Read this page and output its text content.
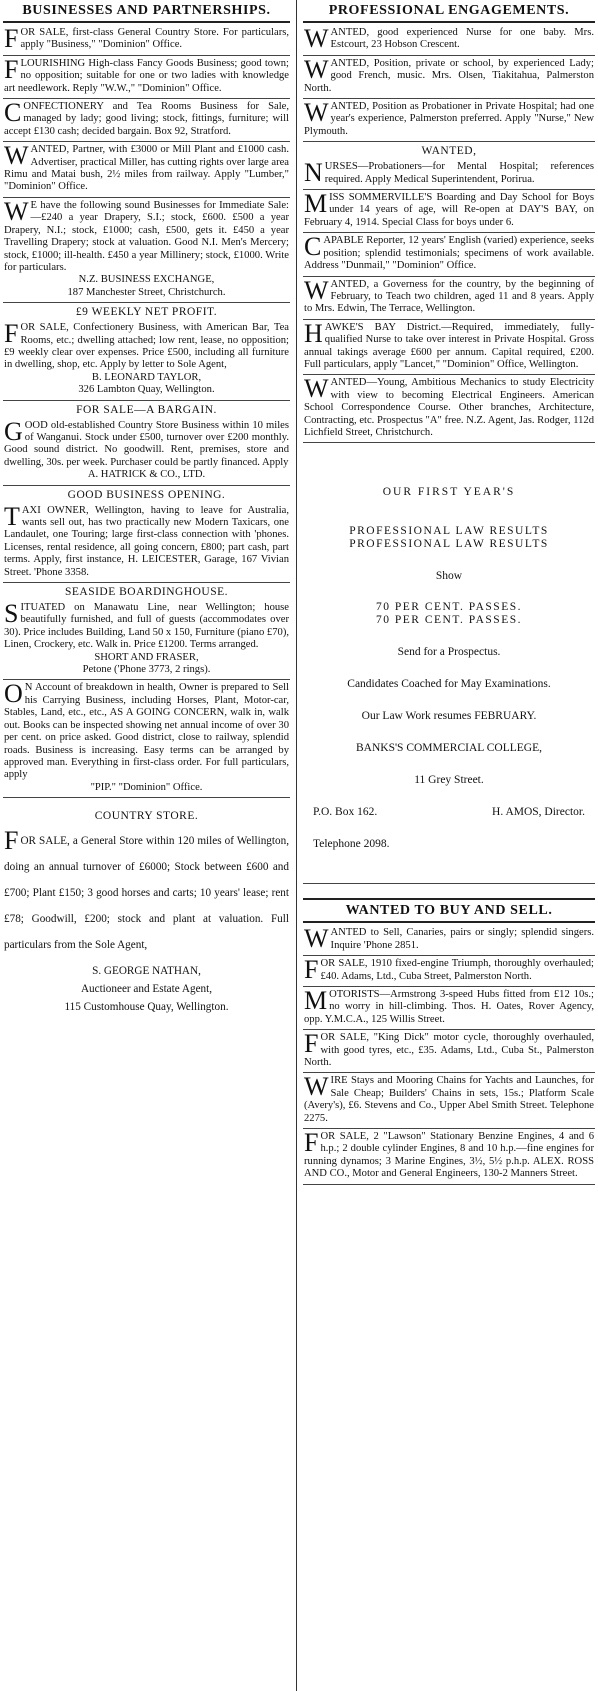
BUSINESSES AND PARTNERSHIPS.
FOR SALE, first-class General Country Store. For particulars, apply "Business," "Dominion" Office.
FLOURISHING High-class Fancy Goods Business; good town; no opposition; suitable for one or two ladies with knowledge art needlework. Reply "W.W.," "Dominion" Office.
CONFECTIONERY and Tea Rooms Business for Sale, managed by lady; good living; stock, fittings, furniture; will accept £130 cash; decided bargain. Box 92, Stratford.
WANTED, Partner, with £3000 or Mill Plant and £1000 cash. Advertiser, practical Miller, has cutting rights over large area Rimu and Matai bush, 2½ miles from railway. Apply "Lumber," "Dominion" Office.
WE have the following sound Businesses for Immediate Sale:—£240 a year Drapery, S.I.; stock, £600. £500 a year Drapery, N.I.; stock, £1000; cash, £500, gets it. £450 a year Travelling Drapery; stock at valuation. Good N.I. Men's Mercery; stock, £1000; ill-health. £450 a year Millinery; stock, £1000. Write for particulars.
N.Z. BUSINESS EXCHANGE,
187 Manchester Street, Christchurch.
£9 WEEKLY NET PROFIT.
FOR SALE, Confectionery Business, with American Bar, Tea Rooms, etc.; dwelling attached; low rent, lease, no opposition; £9 weekly clear over expenses. Price £500, including all furniture in dwelling, shop, etc. Apply by letter to Sole Agent,
B. LEONARD TAYLOR,
326 Lambton Quay, Wellington.
FOR SALE—A BARGAIN.
GOOD old-established Country Store Business within 10 miles of Wanganui. Stock under £500, turnover over £200 monthly. Good sound district. No goodwill. Rent, premises, store and dwelling, 30s. per week. Purchaser could be partly financed. Apply
A. HATRICK & CO., LTD.
GOOD BUSINESS OPENING.
TAXI OWNER, Wellington, having to leave for Australia, wants sell out, has two practically new Modern Taxicars, one Landaulet, one Touring; large first-class connection with 'phones. Licenses, rental residence, all going concern, £800; part cash, part terms. Apply, first instance, H. LEICESTER, Garage, 167 Vivian Street. 'Phone 3358.
SEASIDE BOARDINGHOUSE.
SITUATED on Manawatu Line, near Wellington; house beautifully furnished, and full of guests (accommodates over 30). Price includes Building, Land 50 x 150, Furniture (piano £70), Linen, Crockery, etc. Walk in. Price £1200. Terms arranged.
SHORT AND FRASER,
Petone ('Phone 3773, 2 rings).
ON Account of breakdown in health, Owner is prepared to Sell his Carrying Business, including Horses, Plant, Motor-car, Stables, Land, etc., etc., AS A GOING CONCERN, walk in, walk out. Books can be inspected showing net annual income of over 30 per cent. on price asked. Good district, close to railway, splendid roads. Business is increasing. Easy terms can be arranged by approved man. Everything in first-class order. For full particulars, apply
"PIP." "Dominion" Office.
COUNTRY STORE.
FOR SALE, a General Store within 120 miles of Wellington, doing an annual turnover of £6000; Stock between £600 and £700; Plant £150; 3 good horses and carts; 10 years' lease; rent £78; Goodwill, £200; stock and plant at valuation. Full particulars from the Sole Agent,
S. GEORGE NATHAN,
Auctioneer and Estate Agent,
115 Customhouse Quay, Wellington.
PROFESSIONAL ENGAGEMENTS.
WANTED, good experienced Nurse for one baby. Mrs. Estcourt, 23 Hobson Crescent.
WANTED, Position, private or school, by experienced Lady; good French, music. Mrs. Olsen, Tiakitahua, Palmerston North.
WANTED, Position as Probationer in Private Hospital; had one year's experience, Palmerston preferred. Apply "Nurse," New Plymouth.
WANTED,
NURSES—Probationers—for Mental Hospital; references required. Apply Medical Superintendent, Porirua.
MISS SOMMERVILLE'S Boarding and Day School for Boys under 14 years of age, will Re-open at DAY'S BAY, on February 4, 1914. Special Class for boys under 6.
CAPABLE Reporter, 12 years' English (varied) experience, seeks position; splendid testimonials; specimens of work available. Address "Dunmail," "Dominion" Office.
WANTED, a Governess for the country, by the beginning of February, to Teach two children, aged 11 and 8 years. Apply to Mrs. Edwin, The Terrace, Wellington.
HAWKE'S BAY District.—Required, immediately, fully-qualified Nurse to take over interest in Private Hospital. Gross annual takings average £600 per annum. Capital required, £200. Full particulars, apply "Lancet," "Dominion" Office, Wellington.
WANTED—Young, Ambitious Mechanics to study Electricity with view to becoming Electrical Engineers. American School Correspondence Course. Other branches, Architecture, Contracting, etc. Prospectus "A" free. N.Z. Agent, Jas. Rodger, 112d Lichfield Street, Christchurch.
OUR FIRST YEAR'S
PROFESSIONAL LAW RESULTS
PROFESSIONAL LAW RESULTS
Show
70 PER CENT. PASSES.
70 PER CENT. PASSES.
Send for a Prospectus.
Candidates Coached for May Examinations.
Our Law Work resumes FEBRUARY.
BANKS'S COMMERCIAL COLLEGE,
11 Grey Street.
P.O. Box 162.	H. AMOS, Director.
Telephone 2098.
WANTED TO BUY AND SELL.
WANTED to Sell, Canaries, pairs or singly; splendid singers. Inquire 'Phone 2851.
FOR SALE, 1910 fixed-engine Triumph, thoroughly overhauled; £40. Adams, Ltd., Cuba Street, Palmerston North.
MOTORISTS—Armstrong 3-speed Hubs fitted from £12 10s.; no worry in hill-climbing. Thos. H. Oates, Rover Agency, opp. Y.M.C.A., 125 Willis Street.
FOR SALE, "King Dick" motor cycle, thoroughly overhauled, with good tyres, etc., £35. Adams, Ltd., Cuba St., Palmerston North.
WIRE Stays and Mooring Chains for Yachts and Launches, for Sale Cheap; Builders' Chains in sets, 15s.; Platform Scale (Avery's), £6. Stevens and Co., Upper Abel Smith Street. Telephone 2275.
FOR SALE, 2 "Lawson" Stationary Benzine Engines, 4 and 6 h.p.; 2 double cylinder Engines, 8 and 10 h.p.—fine engines for running dynamos; 3 Marine Engines, 3½, 5½ p.h.p. ALEX. ROSS AND CO., Motor and General Engineers, 130-2 Manners Street.
